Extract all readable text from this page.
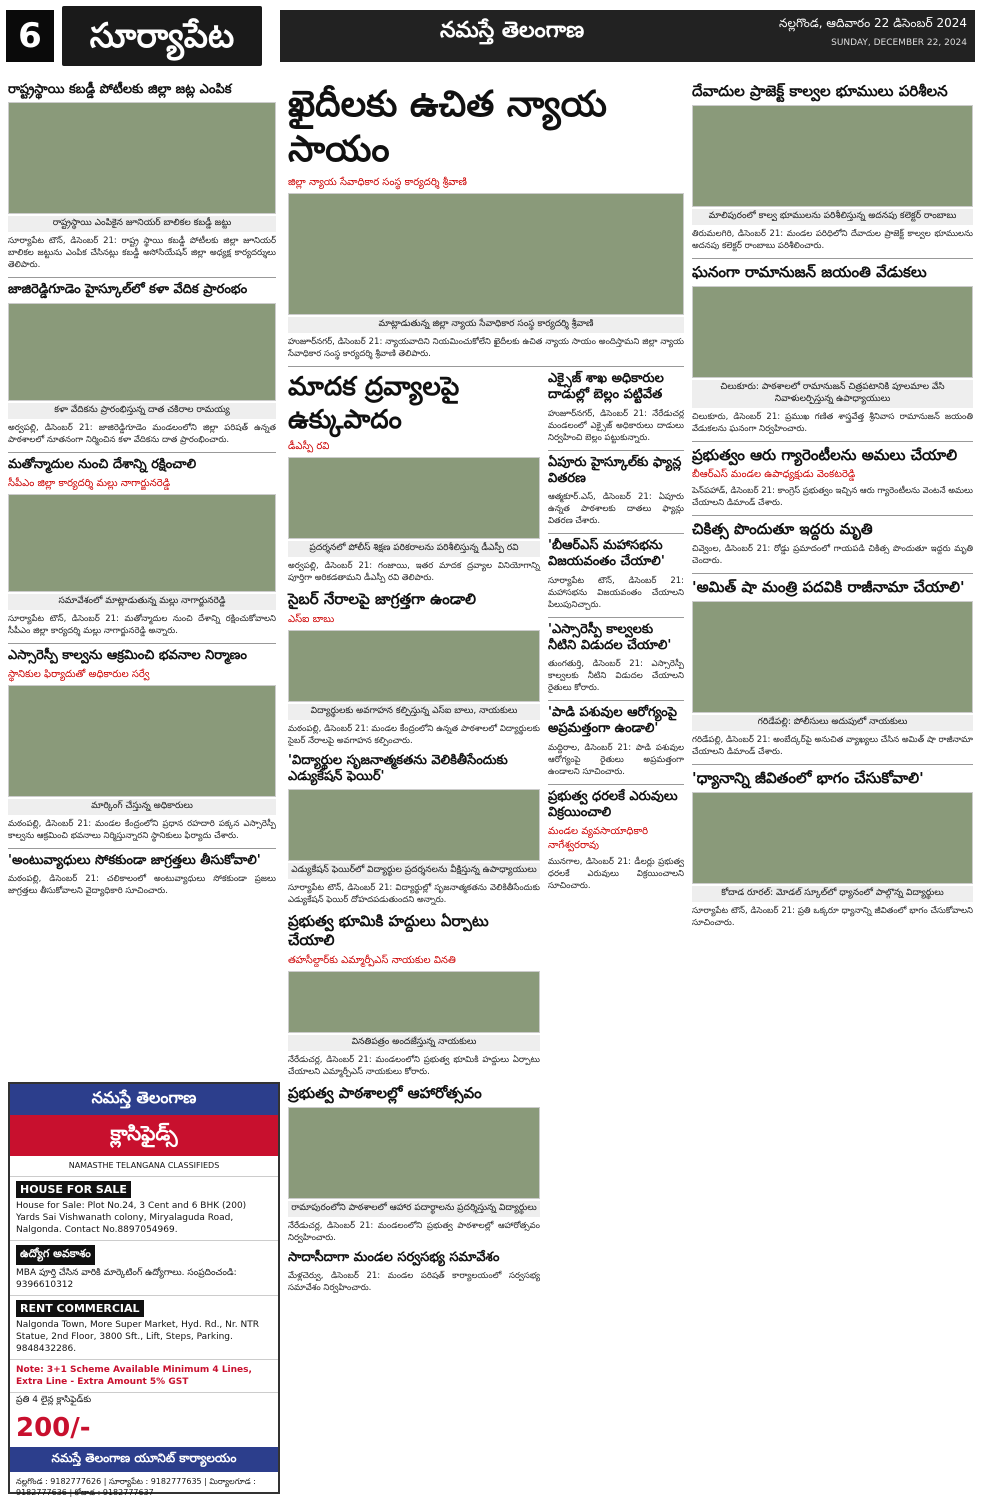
6	సూర్యాపేట	నమస్తే తెలంగాణ	నల్లగొండ, ఆదివారం 22 డిసెంబర్ 2024
SUNDAY, DECEMBER 22, 2024
రాష్ట్రస్థాయి కబడ్డీ పోటీలకు జిల్లా జట్ల ఎంపిక
రాష్ట్రస్థాయి ఎంపికైన జూనియర్ బాలికల కబడ్డీ జట్టు
సూర్యాపేట టౌన్, డిసెంబర్ 21: రాష్ట్ర స్థాయి కబడ్డీ పోటీలకు జిల్లా జూనియర్ బాలికల జట్టును ఎంపిక చేసినట్లు కబడ్డీ అసోసియేషన్ జిల్లా అధ్యక్ష కార్యదర్శులు తెలిపారు.
జాజిరెడ్డిగూడెం హైస్కూల్‌లో కళా వేదిక ప్రారంభం
కళా వేదికను ప్రారంభిస్తున్న దాత చకిరాల రామయ్య
అర్వపల్లి, డిసెంబర్ 21: జాజిరెడ్డిగూడెం మండలంలోని జిల్లా పరిషత్ ఉన్నత పాఠశాలలో నూతనంగా నిర్మించిన కళా వేదికను దాత ప్రారంభించారు.
మతోన్మాదుల నుంచి దేశాన్ని రక్షించాలి
సీపీఎం జిల్లా కార్యదర్శి మల్లు నాగార్జునరెడ్డి
సమావేశంలో మాట్లాడుతున్న మల్లు నాగార్జునరెడ్డి
సూర్యాపేట టౌన్, డిసెంబర్ 21: మతోన్మాదుల నుంచి దేశాన్ని రక్షించుకోవాలని సీపీఎం జిల్లా కార్యదర్శి మల్లు నాగార్జునరెడ్డి అన్నారు.
ఎస్సారెస్పీ కాల్వను ఆక్రమించి భవనాల నిర్మాణం
స్థానికుల ఫిర్యాదుతో అధికారుల సర్వే
మార్కింగ్ చేస్తున్న అధికారులు
మఠంపల్లి, డిసెంబర్ 21: మండల కేంద్రంలోని ప్రధాన రహదారి పక్కన ఎస్సారెస్పీ కాల్వను ఆక్రమించి భవనాలు నిర్మిస్తున్నారని స్థానికులు ఫిర్యాదు చేశారు.
'అంటువ్యాధులు సోకకుండా జాగ్రత్తలు తీసుకోవాలి'
మఠంపల్లి, డిసెంబర్ 21: చలికాలంలో అంటువ్యాధులు సోకకుండా ప్రజలు జాగ్రత్తలు తీసుకోవాలని వైద్యాధికారి సూచించారు.
నమస్తే తెలంగాణ
క్లాసిఫైడ్స్
NAMASTHE TELANGANA CLASSIFIEDS
HOUSE FOR SALE
House for Sale: Plot No.24, 3 Cent and 6 BHK (200) Yards Sai Vishwanath colony, Miryalaguda Road, Nalgonda. Contact No.8897054969.
ఉద్యోగ అవకాశం
MBA పూర్తి చేసిన వారికి మార్కెటింగ్ ఉద్యోగాలు. సంప్రదించండి: 9396610312
RENT COMMERCIAL
Nalgonda Town, More Super Market, Hyd. Rd., Nr. NTR Statue, 2nd Floor, 3800 Sft., Lift, Steps, Parking. 9848432286.
Note: 3+1 Scheme Available Minimum 4 Lines, Extra Line - Extra Amount 5% GST
ప్రతి 4 లైన్ల క్లాసిఫైడ్‌కు
200/-
నమస్తే తెలంగాణ యూనిట్ కార్యాలయం
నల్లగొండ : 9182777626 | సూర్యాపేట : 9182777635 | మిర్యాలగూడ : 9182777636 | కోదాడ : 9182777637
ఖైదీలకు ఉచిత న్యాయ సాయం
జిల్లా న్యాయ సేవాధికార సంస్థ కార్యదర్శి శ్రీవాణి
మాట్లాడుతున్న జిల్లా న్యాయ సేవాధికార సంస్థ కార్యదర్శి శ్రీవాణి
హుజూర్‌నగర్, డిసెంబర్ 21: న్యాయవాదిని నియమించుకోలేని ఖైదీలకు ఉచిత న్యాయ సాయం అందిస్తామని జిల్లా న్యాయ సేవాధికార సంస్థ కార్యదర్శి శ్రీవాణి తెలిపారు.
మాదక ద్రవ్యాలపై ఉక్కుపాదం
డీఎస్పీ రవి
ప్రదర్శనలో పోలీస్ శిక్షణ పరికరాలను పరిశీలిస్తున్న డీఎస్పీ రవి
అర్వపల్లి, డిసెంబర్ 21: గంజాయి, ఇతర మాదక ద్రవ్యాల వినియోగాన్ని పూర్తిగా అరికడతామని డీఎస్పీ రవి తెలిపారు.
సైబర్ నేరాలపై జాగ్రత్తగా ఉండాలి
ఎస్‌ఐ బాబు
విద్యార్థులకు అవగాహన కల్పిస్తున్న ఎస్‌ఐ బాలు, నాయకులు
మఠంపల్లి, డిసెంబర్ 21: మండల కేంద్రంలోని ఉన్నత పాఠశాలలో విద్యార్థులకు సైబర్ నేరాలపై అవగాహన కల్పించారు.
'విద్యార్థుల సృజనాత్మకతను వెలికితీసేందుకు ఎడ్యుకేషన్ ఫెయిర్'
ఎడ్యుకేషన్ ఫెయిర్‌లో విద్యార్థుల ప్రదర్శనలను వీక్షిస్తున్న ఉపాధ్యాయులు
సూర్యాపేట టౌన్, డిసెంబర్ 21: విద్యార్థుల్లో సృజనాత్మకతను వెలికితీసేందుకు ఎడ్యుకేషన్ ఫెయిర్ దోహదపడుతుందని అన్నారు.
ప్రభుత్వ భూమికి హద్దులు ఏర్పాటు చేయాలి
తహసీల్దార్‌కు ఎమ్మార్పీఎస్ నాయకుల వినతి
వినతిపత్రం అందజేస్తున్న నాయకులు
నేరేడుచర్ల, డిసెంబర్ 21: మండలంలోని ప్రభుత్వ భూమికి హద్దులు ఏర్పాటు చేయాలని ఎమ్మార్పీఎస్ నాయకులు కోరారు.
ప్రభుత్వ పాఠశాలల్లో ఆహారోత్సవం
రామాపురంలోని పాఠశాలలో ఆహార పదార్థాలను ప్రదర్శిస్తున్న విద్యార్థులు
నేరేడుచర్ల, డిసెంబర్ 21: మండలంలోని ప్రభుత్వ పాఠశాలల్లో ఆహారోత్సవం నిర్వహించారు.
సాదాసీదాగా మండల సర్వసభ్య సమావేశం
మేళ్లచెర్వు, డిసెంబర్ 21: మండల పరిషత్ కార్యాలయంలో సర్వసభ్య సమావేశం నిర్వహించారు.
ఎక్సైజ్ శాఖ అధికారుల దాడుల్లో బెల్లం పట్టివేత
హుజూర్‌నగర్, డిసెంబర్ 21: నేరేడుచర్ల మండలంలో ఎక్సైజ్ అధికారులు దాడులు నిర్వహించి బెల్లం పట్టుకున్నారు.
ఏపూరు హైస్కూల్‌కు ఫ్యాన్ల వితరణ
ఆత్మకూర్.ఎస్, డిసెంబర్ 21: ఏపూరు ఉన్నత పాఠశాలకు దాతలు ఫ్యాన్లు వితరణ చేశారు.
'బీఆర్‌ఎస్ మహాసభను విజయవంతం చేయాలి'
సూర్యాపేట టౌన్, డిసెంబర్ 21: మహాసభను విజయవంతం చేయాలని పిలుపునిచ్చారు.
'ఎస్సారెస్పీ కాల్వలకు నీటిని విడుదల చేయాలి'
తుంగతుర్తి, డిసెంబర్ 21: ఎస్సారెస్పీ కాల్వలకు నీటిని విడుదల చేయాలని రైతులు కోరారు.
'పాడి పశువుల ఆరోగ్యంపై అప్రమత్తంగా ఉండాలి'
మద్దిరాల, డిసెంబర్ 21: పాడి పశువుల ఆరోగ్యంపై రైతులు అప్రమత్తంగా ఉండాలని సూచించారు.
ప్రభుత్వ ధరలకే ఎరువులు విక్రయించాలి
మండల వ్యవసాయాధికారి నాగేశ్వరరావు
మునగాల, డిసెంబర్ 21: డీలర్లు ప్రభుత్వ ధరలకే ఎరువులు విక్రయించాలని సూచించారు.
దేవాదుల ప్రాజెక్ట్ కాల్వల భూములు పరిశీలన
మాలిపురంలో కాల్వ భూములను పరిశీలిస్తున్న అదనపు కలెక్టర్ రాంబాబు
తిరుమలగిరి, డిసెంబర్ 21: మండల పరిధిలోని దేవాదుల ప్రాజెక్ట్ కాల్వల భూములను అదనపు కలెక్టర్ రాంబాబు పరిశీలించారు.
ఘనంగా రామానుజన్ జయంతి వేడుకలు
చిలుకూరు: పాఠశాలలో రామానుజన్ చిత్రపటానికి పూలమాల వేసి నివాళులర్పిస్తున్న ఉపాధ్యాయులు
చిలుకూరు, డిసెంబర్ 21: ప్రముఖ గణిత శాస్త్రవేత్త శ్రీనివాస రామానుజన్ జయంతి వేడుకలను ఘనంగా నిర్వహించారు.
ప్రభుత్వం ఆరు గ్యారెంటీలను అమలు చేయాలి
బీఆర్‌ఎస్ మండల ఉపాధ్యక్షుడు వెంకటరెడ్డి
పెన్‌పహాడ్, డిసెంబర్ 21: కాంగ్రెస్ ప్రభుత్వం ఇచ్చిన ఆరు గ్యారెంటీలను వెంటనే అమలు చేయాలని డిమాండ్ చేశారు.
చికిత్స పొందుతూ ఇద్దరు మృతి
చివ్వెంల, డిసెంబర్ 21: రోడ్డు ప్రమాదంలో గాయపడి చికిత్స పొందుతూ ఇద్దరు మృతి చెందారు.
'అమిత్ షా మంత్రి పదవికి రాజీనామా చేయాలి'
గరిడేపల్లి: పోలీసులు అదుపులో నాయకులు
గరిడేపల్లి, డిసెంబర్ 21: అంబేద్కర్‌పై అనుచిత వ్యాఖ్యలు చేసిన అమిత్ షా రాజీనామా చేయాలని డిమాండ్ చేశారు.
'ధ్యానాన్ని జీవితంలో భాగం చేసుకోవాలి'
కోదాడ రూరల్: మోడల్ స్కూల్‌లో ధ్యానంలో పాల్గొన్న విద్యార్థులు
సూర్యాపేట టౌన్, డిసెంబర్ 21: ప్రతి ఒక్కరూ ధ్యానాన్ని జీవితంలో భాగం చేసుకోవాలని సూచించారు.
